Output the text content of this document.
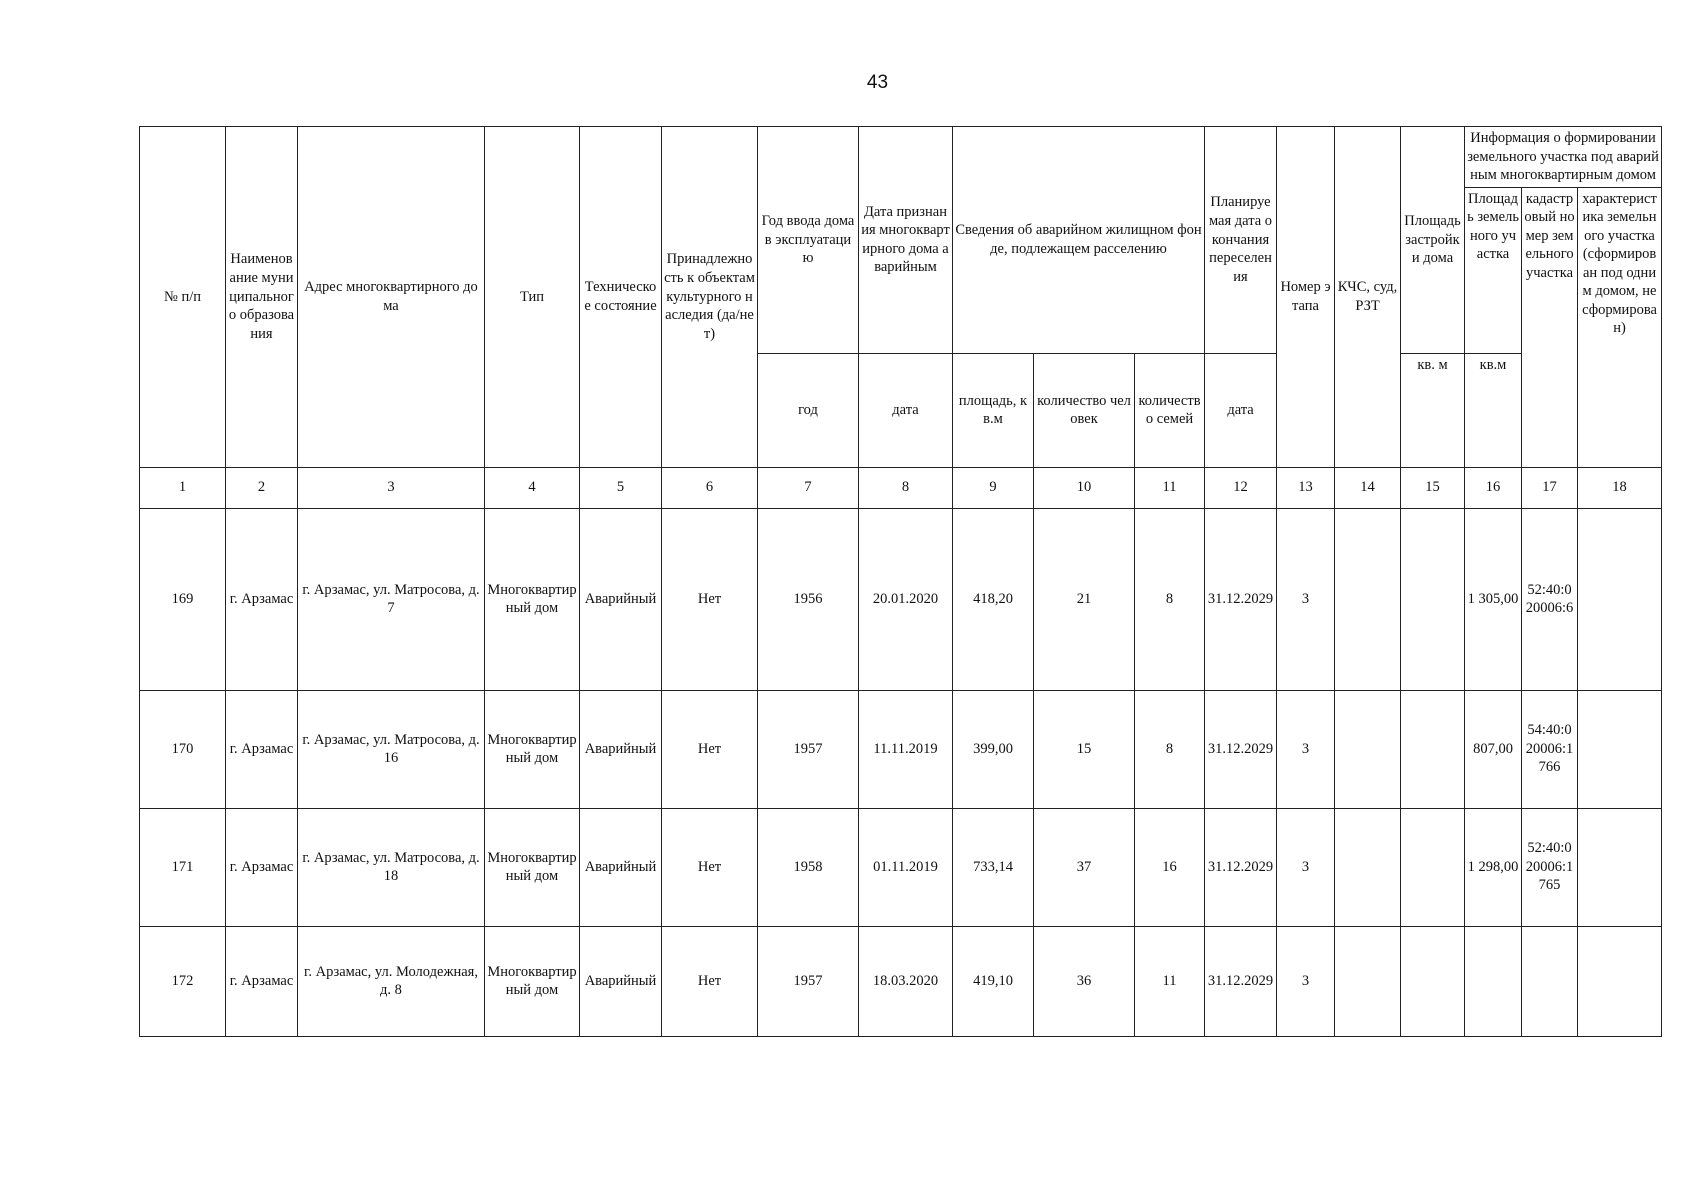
43
№ п/п	Наименование муниципального образования	Адрес многоквартирного дома	Тип	Техническое состояние	Принадлежность к объектам культурного наследия (да/нет)	Год ввода дома в эксплуатацию	Дата признания многоквартирного дома аварийным	Сведения об аварийном жилищном фонде, подлежащем расселению			Планируемая дата окончания переселения	Номер этапа	КЧС, суд, РЗТ	Площадь застройки дома	Информация о формировании земельного участка под аварийным многоквартирным домом		
															Площадь земельного участка	кадастровый номер земельного участка	характеристика земельного участка (сформирован под одним домом, не сформирован)
						год	дата	площадь, кв.м	количество человек	количество семей	дата			кв. м	кв.м		
1	2	3	4	5	6	7	8	9	10	11	12	13	14	15	16	17	18
169	г. Арзамас	г. Арзамас, ул. Матросова, д. 7	Многоквартирный дом	Аварийный	Нет	1956	20.01.2020	418,20	21	8	31.12.2029	3			1 305,00	52:40:020006:6	
170	г. Арзамас	г. Арзамас, ул. Матросова, д. 16	Многоквартирный дом	Аварийный	Нет	1957	11.11.2019	399,00	15	8	31.12.2029	3			807,00	54:40:020006:1766	
171	г. Арзамас	г. Арзамас, ул. Матросова, д. 18	Многоквартирный дом	Аварийный	Нет	1958	01.11.2019	733,14	37	16	31.12.2029	3			1 298,00	52:40:020006:1765	
172	г. Арзамас	г. Арзамас, ул. Молодежная, д. 8	Многоквартирный дом	Аварийный	Нет	1957	18.03.2020	419,10	36	11	31.12.2029	3					
